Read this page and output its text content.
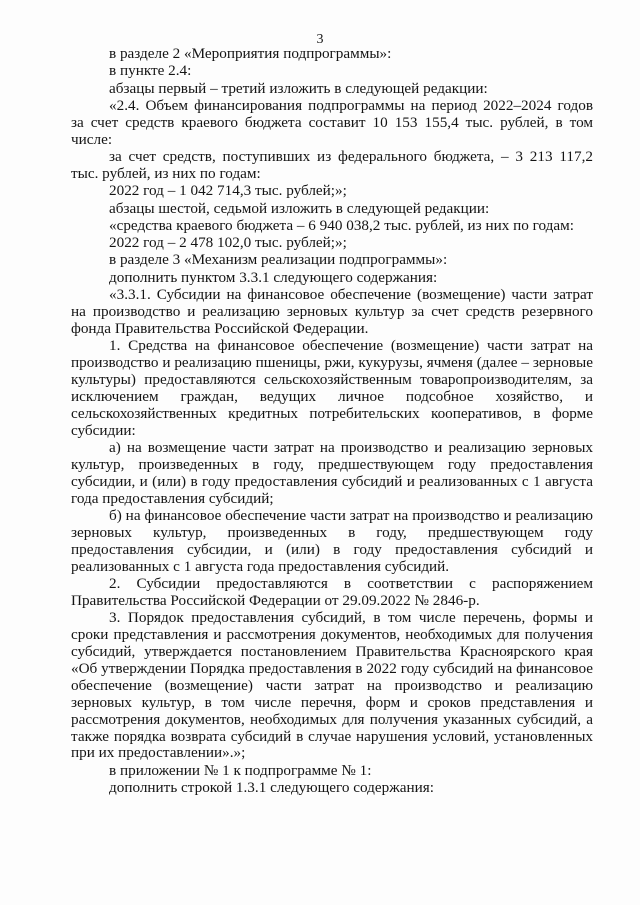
3

в разделе 2 «Мероприятия подпрограммы»:

в пункте 2.4:

абзацы первый – третий изложить в следующей редакции:

«2.4. Объем финансирования подпрограммы на период 2022–2024 годов за счет средств краевого бюджета составит 10 153 155,4 тыс. рублей, в том числе:

за счет средств, поступивших из федерального бюджета, – 3 213 117,2 тыс. рублей, из них по годам:

2022 год – 1 042 714,3 тыс. рублей;»;

абзацы шестой, седьмой изложить в следующей редакции:

«средства краевого бюджета – 6 940 038,2 тыс. рублей, из них по годам:

2022 год – 2 478 102,0 тыс. рублей;»;

в разделе 3 «Механизм реализации подпрограммы»:

дополнить пунктом 3.3.1 следующего содержания:

«3.3.1. Субсидии на финансовое обеспечение (возмещение) части затрат на производство и реализацию зерновых культур за счет средств резервного фонда Правительства Российской Федерации.

1. Средства на финансовое обеспечение (возмещение) части затрат на производство и реализацию пшеницы, ржи, кукурузы, ячменя (далее – зерновые культуры) предоставляются сельскохозяйственным товаропроизводителям, за исключением граждан, ведущих личное подсобное хозяйство, и сельскохозяйственных кредитных потребительских кооперативов, в форме субсидии:

а) на возмещение части затрат на производство и реализацию зерновых культур, произведенных в году, предшествующем году предоставления субсидии, и (или) в году предоставления субсидий и реализованных с 1 августа года предоставления субсидий;

б) на финансовое обеспечение части затрат на производство и реализацию зерновых культур, произведенных в году, предшествующем году предоставления субсидии, и (или) в году предоставления субсидий и реализованных с 1 августа года предоставления субсидий.

2. Субсидии предоставляются в соответствии с распоряжением Правительства Российской Федерации от 29.09.2022 № 2846-р.

3. Порядок предоставления субсидий, в том числе перечень, формы и сроки представления и рассмотрения документов, необходимых для получения субсидий, утверждается постановлением Правительства Красноярского края «Об утверждении Порядка предоставления в 2022 году субсидий на финансовое обеспечение (возмещение) части затрат на производство и реализацию зерновых культур, в том числе перечня, форм и сроков представления и рассмотрения документов, необходимых для получения указанных субсидий, а также порядка возврата субсидий в случае нарушения условий, установленных при их предоставлении».»;

в приложении № 1 к подпрограмме № 1:

дополнить строкой 1.3.1 следующего содержания:
